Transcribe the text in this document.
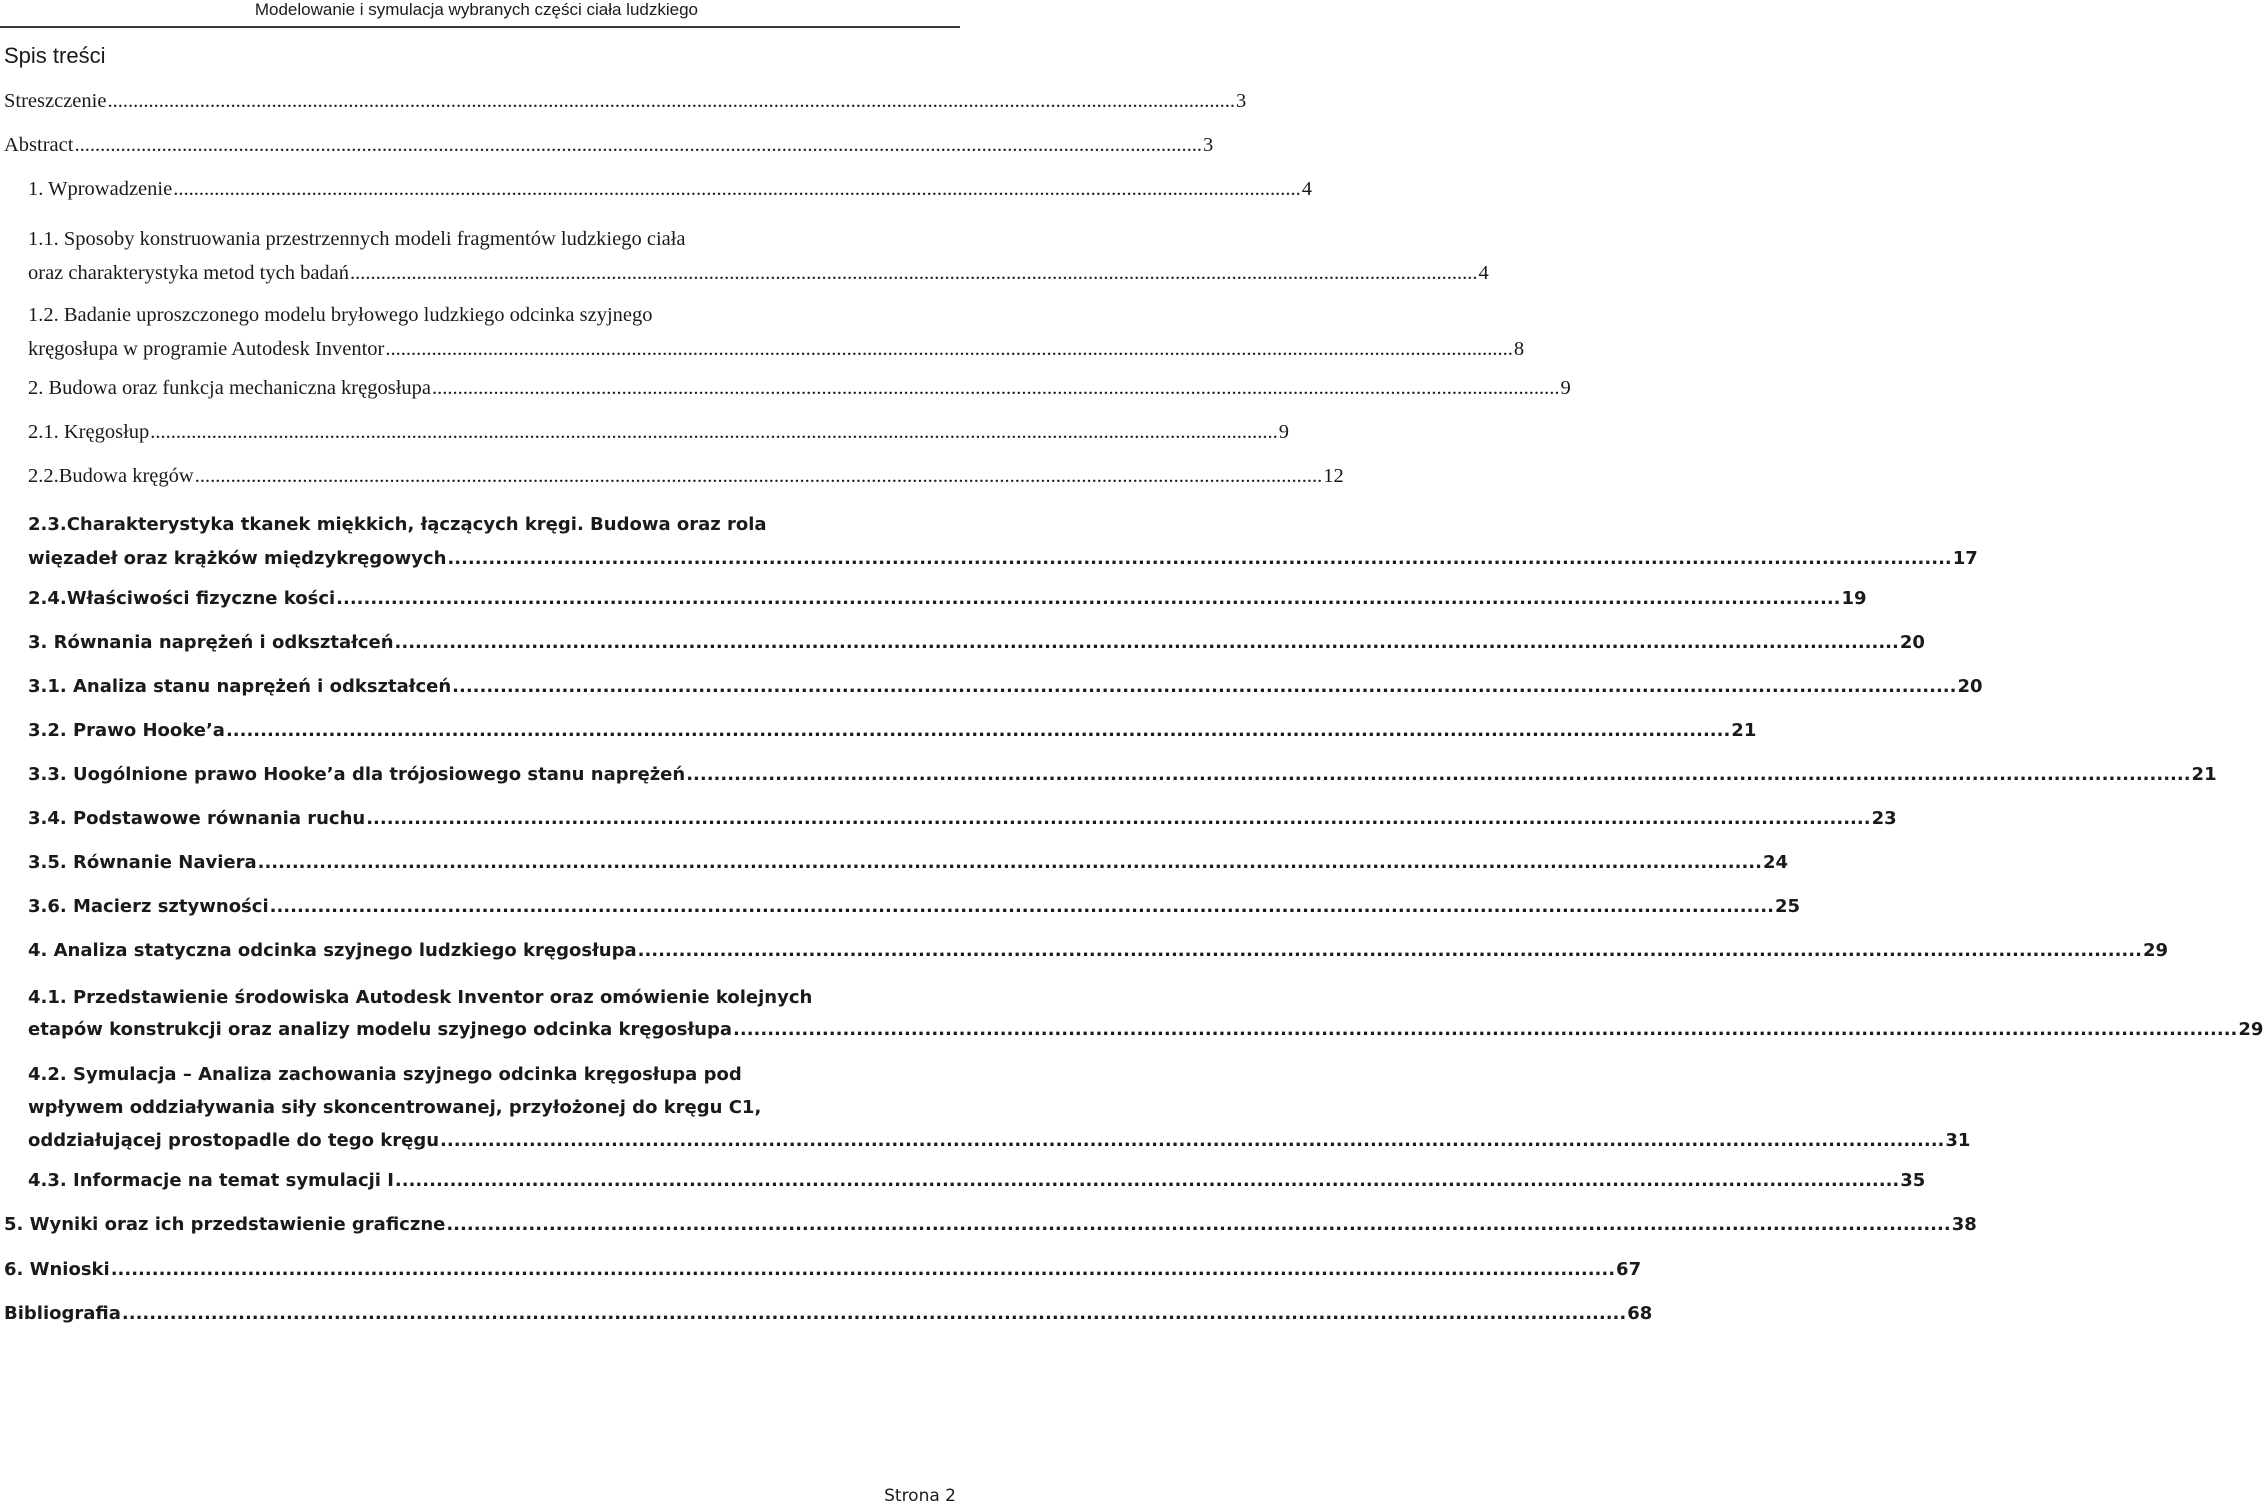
Modelowanie i symulacja wybranych części ciała ludzkiego
Spis treści
Streszczenie ............................................................................................................................................................................................................................ 3
Abstract ............................................................................................................................................................................................................................ 3
1. Wprowadzenie ............................................................................................................................................................................................................................ 4
1.1. Sposoby konstruowania przestrzennych modeli fragmentów ludzkiego ciała
oraz charakterystyka metod tych badań ............................................................................................................................................................................................................................ 4
1.2. Badanie uproszczonego modelu bryłowego ludzkiego odcinka szyjnego
kręgosłupa w programie Autodesk Inventor ............................................................................................................................................................................................................................ 8
2. Budowa oraz funkcja mechaniczna kręgosłupa ............................................................................................................................................................................................................................ 9
2.1. Kręgosłup ............................................................................................................................................................................................................................ 9
2.2.Budowa kręgów ............................................................................................................................................................................................................................ 12
2.3.Charakterystyka tkanek miękkich, łączących kręgi. Budowa oraz rola
więzadeł oraz krążków międzykręgowych ............................................................................................................................................................................................................................ 17
2.4.Właściwości fizyczne kości ............................................................................................................................................................................................................................ 19
3. Równania naprężeń i odkształceń ............................................................................................................................................................................................................................ 20
3.1. Analiza stanu naprężeń i odkształceń ............................................................................................................................................................................................................................ 20
3.2. Prawo Hooke’a ............................................................................................................................................................................................................................ 21
3.3. Uogólnione prawo Hooke’a dla trójosiowego stanu naprężeń ............................................................................................................................................................................................................................ 21
3.4. Podstawowe równania ruchu ............................................................................................................................................................................................................................ 23
3.5. Równanie Naviera ............................................................................................................................................................................................................................ 24
3.6. Macierz sztywności ............................................................................................................................................................................................................................ 25
4. Analiza statyczna odcinka szyjnego ludzkiego kręgosłupa ............................................................................................................................................................................................................................ 29
4.1. Przedstawienie środowiska Autodesk Inventor oraz omówienie kolejnych
etapów konstrukcji oraz analizy modelu szyjnego odcinka kręgosłupa ............................................................................................................................................................................................................................ 29
4.2. Symulacja – Analiza zachowania szyjnego odcinka kręgosłupa pod
wpływem oddziaływania siły skoncentrowanej, przyłożonej do kręgu C1,
oddziałującej prostopadle do tego kręgu ............................................................................................................................................................................................................................ 31
4.3. Informacje na temat symulacji I ............................................................................................................................................................................................................................ 35
5. Wyniki oraz ich przedstawienie graficzne ............................................................................................................................................................................................................................ 38
6. Wnioski ............................................................................................................................................................................................................................ 67
Bibliografia ............................................................................................................................................................................................................................ 68
Strona 2
